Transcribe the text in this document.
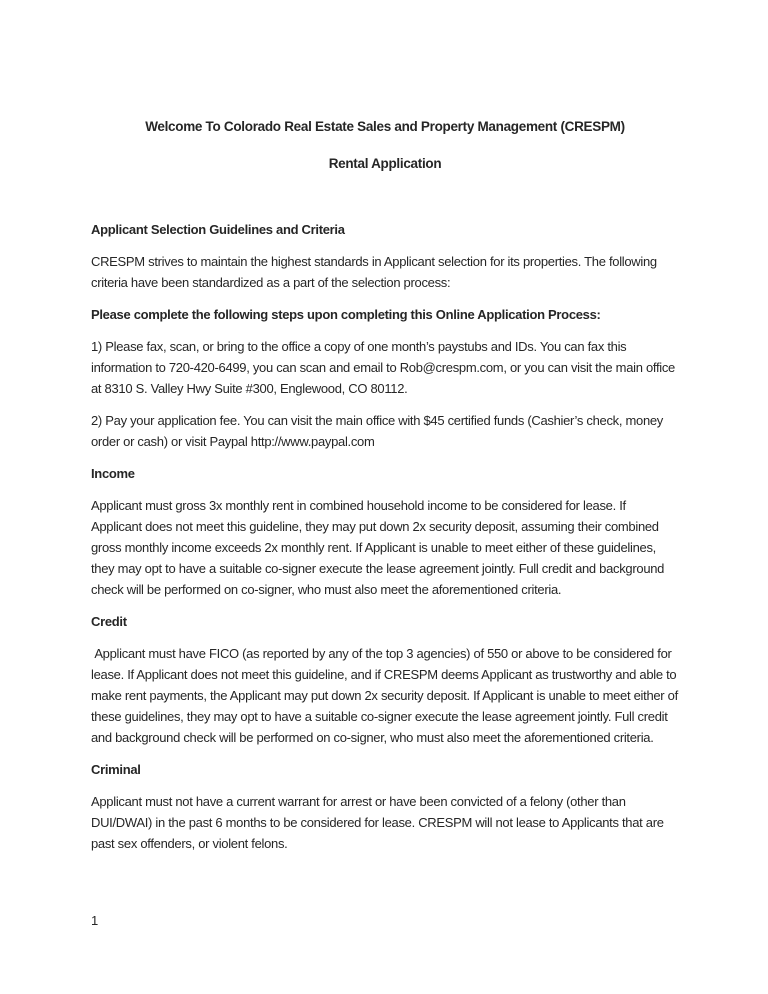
Welcome To Colorado Real Estate Sales and Property Management (CRESPM)
Rental Application
Applicant Selection Guidelines and Criteria
CRESPM strives to maintain the highest standards in Applicant selection for its properties. The following criteria have been standardized as a part of the selection process:
Please complete the following steps upon completing this Online Application Process:
1) Please fax, scan, or bring to the office a copy of one month’s paystubs and IDs. You can fax this information to 720-420-6499, you can scan and email to Rob@crespm.com, or you can visit the main office at 8310 S. Valley Hwy Suite #300, Englewood, CO 80112.
2) Pay your application fee. You can visit the main office with $45 certified funds (Cashier’s check, money order or cash) or visit Paypal http://www.paypal.com
Income
Applicant must gross 3x monthly rent in combined household income to be considered for lease. If Applicant does not meet this guideline, they may put down 2x security deposit, assuming their combined gross monthly income exceeds 2x monthly rent. If Applicant is unable to meet either of these guidelines, they may opt to have a suitable co-signer execute the lease agreement jointly. Full credit and background check will be performed on co-signer, who must also meet the aforementioned criteria.
Credit
Applicant must have FICO (as reported by any of the top 3 agencies) of 550 or above to be considered for lease. If Applicant does not meet this guideline, and if CRESPM deems Applicant as trustworthy and able to make rent payments, the Applicant may put down 2x security deposit. If Applicant is unable to meet either of these guidelines, they may opt to have a suitable co-signer execute the lease agreement jointly. Full credit and background check will be performed on co-signer, who must also meet the aforementioned criteria.
Criminal
Applicant must not have a current warrant for arrest or have been convicted of a felony (other than DUI/DWAI) in the past 6 months to be considered for lease. CRESPM will not lease to Applicants that are past sex offenders, or violent felons.
1
